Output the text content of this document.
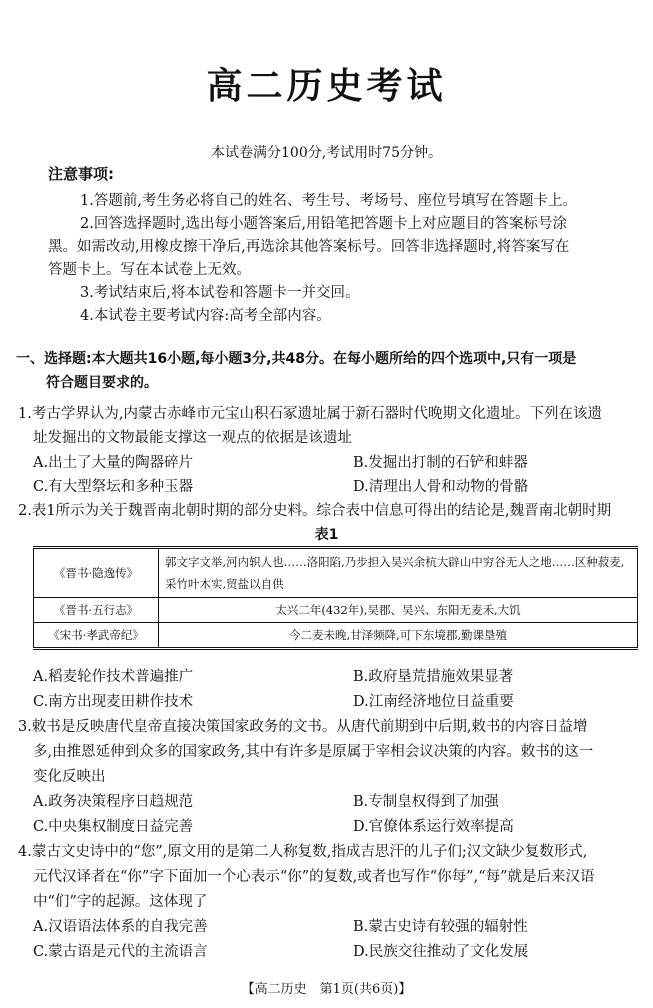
高二历史考试
本试卷满分100分,考试用时75分钟。
注意事项:
1.答题前,考生务必将自己的姓名、考生号、考场号、座位号填写在答题卡上。
2.回答选择题时,选出每小题答案后,用铅笔把答题卡上对应题目的答案标号涂
黑。如需改动,用橡皮擦干净后,再选涂其他答案标号。回答非选择题时,将答案写在
答题卡上。写在本试卷上无效。
3.考试结束后,将本试卷和答题卡一并交回。
4.本试卷主要考试内容:高考全部内容。
一、选择题:本大题共16小题,每小题3分,共48分。在每小题所给的四个选项中,只有一项是
符合题目要求的。
1.考古学界认为,内蒙古赤峰市元宝山积石冢遗址属于新石器时代晚期文化遗址。下列在该遗
址发掘出的文物最能支撑这一观点的依据是该遗址
A.出土了大量的陶器碎片	B.发掘出打制的石铲和蚌器
C.有大型祭坛和多种玉器	D.清理出人骨和动物的骨骼
2.表1所示为关于魏晋南北朝时期的部分史料。综合表中信息可得出的结论是,魏晋南北朝时期
表1
《晋书·隐逸传》	郭文字文举,河内轵人也……洛阳陷,乃步担入吴兴余杭大辟山中穷谷无人之地……区种菽麦,采竹叶木实,贸盐以自供
《晋书·五行志》	太兴二年(432年),吴郡、吴兴、东阳无麦禾,大饥
《宋书·孝武帝纪》	今二麦未晚,甘泽频降,可下东境郡,勤课垦殖
A.稻麦轮作技术普遍推广	B.政府垦荒措施效果显著
C.南方出现麦田耕作技术	D.江南经济地位日益重要
3.敕书是反映唐代皇帝直接决策国家政务的文书。从唐代前期到中后期,敕书的内容日益增
多,由推恩延伸到众多的国家政务,其中有许多是原属于宰相会议决策的内容。敕书的这一
变化反映出
A.政务决策程序日趋规范	B.专制皇权得到了加强
C.中央集权制度日益完善	D.官僚体系运行效率提高
4.蒙古文史诗中的“您”,原文用的是第二人称复数,指成吉思汗的儿子们;汉文缺少复数形式,
元代汉译者在“你”字下面加一个心表示“你”的复数,或者也写作“你每”,“每”就是后来汉语
中“们”字的起源。这体现了
A.汉语语法体系的自我完善	B.蒙古史诗有较强的辐射性
C.蒙古语是元代的主流语言	D.民族交往推动了文化发展
【高二历史　第1页(共6页)】
